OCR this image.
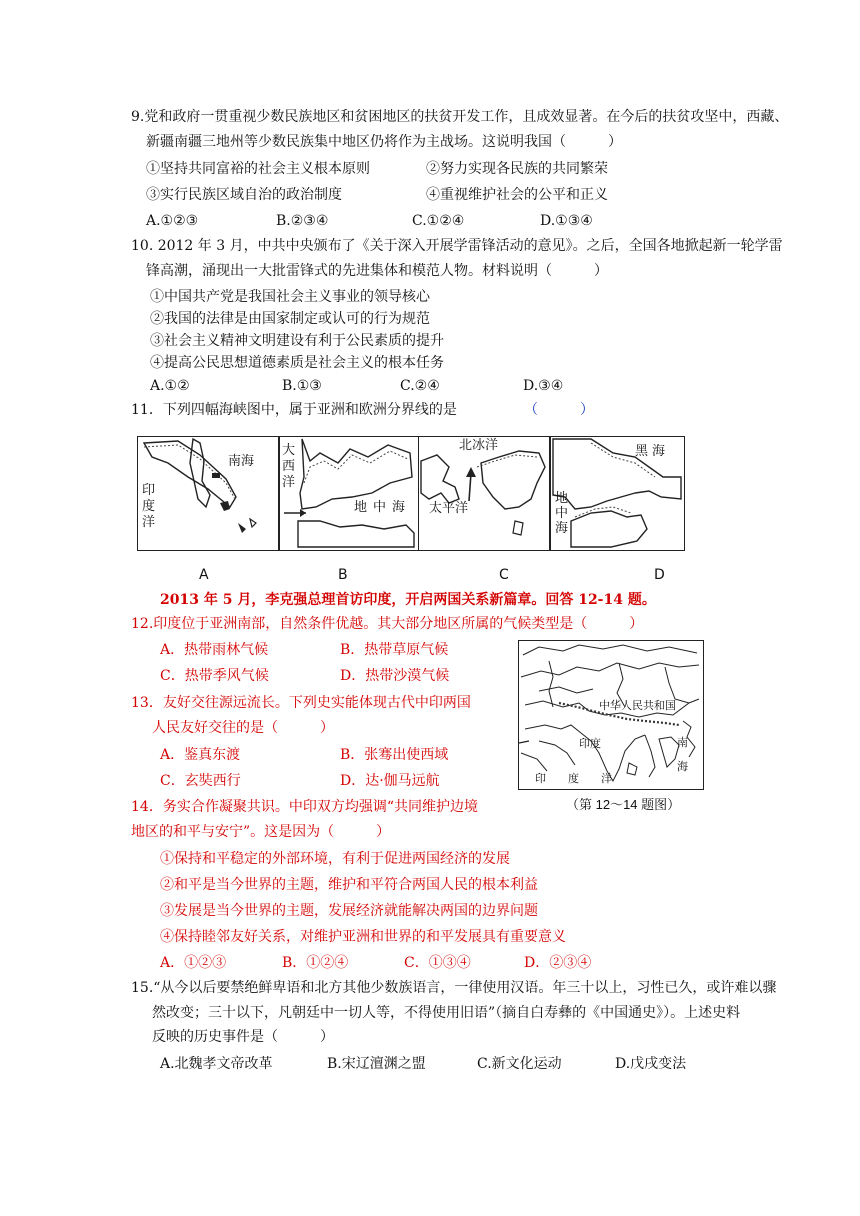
9.党和政府一贯重视少数民族地区和贫困地区的扶贫开发工作，且成效显著。在今后的扶贫攻坚中，西藏、
新疆南疆三地州等少数民族集中地区仍将作为主战场。这说明我国（　　　）
①坚持共同富裕的社会主义根本原则	②努力实现各民族的共同繁荣
③实行民族区域自治的政治制度	④重视维护社会的公平和正义
A.①②③	B.②③④	C.①②④	D.①③④
10. 2012 年 3 月，中共中央颁布了《关于深入开展学雷锋活动的意见》。之后，全国各地掀起新一轮学雷
锋高潮，涌现出一大批雷锋式的先进集体和模范人物。材料说明（　　　）
①中国共产党是我国社会主义事业的领导核心
②我国的法律是由国家制定或认可的行为规范
③社会主义精神文明建设有利于公民素质的提升
④提高公民思想道德素质是社会主义的根本任务
A.①②	B.①③	C.②④	D.③④
11．下列四幅海峡图中，属于亚洲和欧洲分界线的是	（　　　）
南海
印度洋
大西洋
地中海
北冰洋
太平洋
黑海
地中海
A	B	C	D
2013 年 5 月，李克强总理首访印度，开启两国关系新篇章。回答 12-14 题。
12.印度位于亚洲南部，自然条件优越。其大部分地区所属的气候类型是（　　　）
A．热带雨林气候	B．热带草原气候
C．热带季风气候	D．热带沙漠气候
13．友好交往源远流长。下列史实能体现古代中印两国
人民友好交往的是（　　　）
A．鉴真东渡	B．张骞出使西域
C．玄奘西行	D．达·伽马远航
中华人民共和国
印度	南海
印　　度　　洋
（第 12～14 题图）
14．务实合作凝聚共识。中印双方均强调“共同维护边境
地区的和平与安宁”。这是因为（　　　）
①保持和平稳定的外部环境，有利于促进两国经济的发展
②和平是当今世界的主题，维护和平符合两国人民的根本利益
③发展是当今世界的主题，发展经济就能解决两国的边界问题
④保持睦邻友好关系，对维护亚洲和世界的和平发展具有重要意义
A．①②③	B．①②④	C．①③④	D．②③④
15.“从今以后要禁绝鲜卑语和北方其他少数族语言，一律使用汉语。年三十以上，习性已久，或许难以骤
然改变；三十以下，凡朝廷中一切人等，不得使用旧语”（摘自白寿彝的《中国通史》）。上述史料
反映的历史事件是（　　　）
A.北魏孝文帝改革	B.宋辽澶渊之盟	C.新文化运动	D.戊戌变法
